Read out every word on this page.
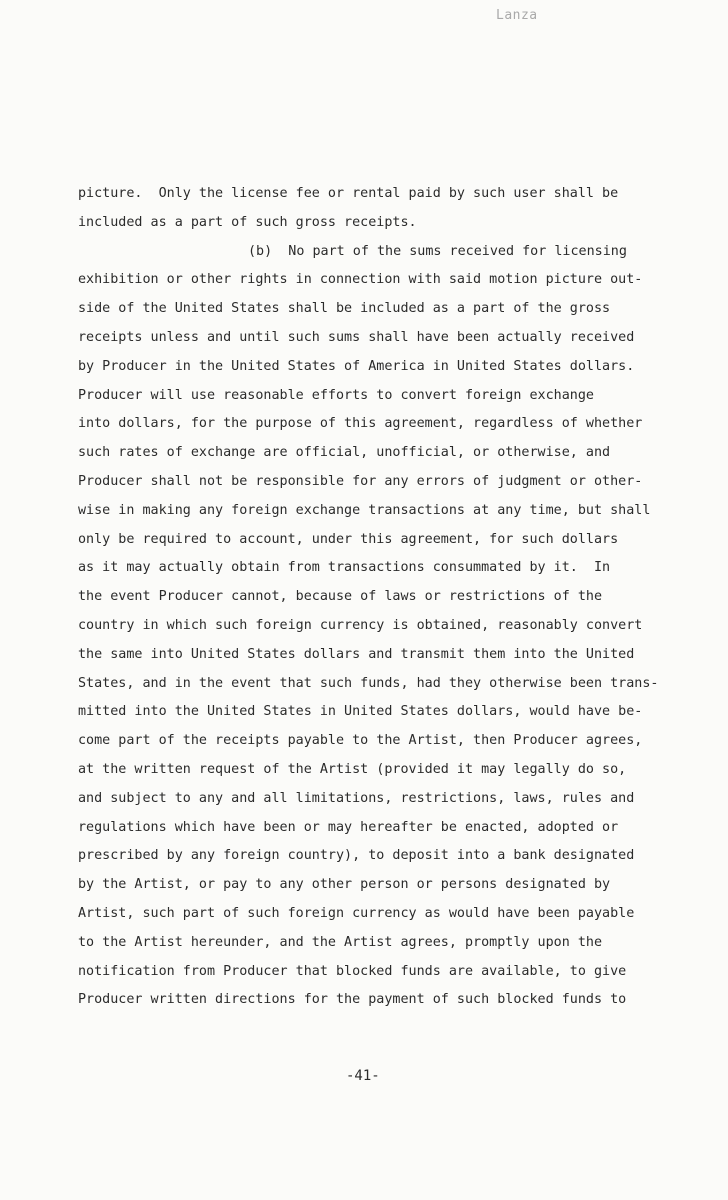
Lanza
picture.  Only the license fee or rental paid by such user shall be
included as a part of such gross receipts.
(b)  No part of the sums received for licensing
exhibition or other rights in connection with said motion picture out-
side of the United States shall be included as a part of the gross
receipts unless and until such sums shall have been actually received
by Producer in the United States of America in United States dollars.
Producer will use reasonable efforts to convert foreign exchange
into dollars, for the purpose of this agreement, regardless of whether
such rates of exchange are official, unofficial, or otherwise, and
Producer shall not be responsible for any errors of judgment or other-
wise in making any foreign exchange transactions at any time, but shall
only be required to account, under this agreement, for such dollars
as it may actually obtain from transactions consummated by it.  In
the event Producer cannot, because of laws or restrictions of the
country in which such foreign currency is obtained, reasonably convert
the same into United States dollars and transmit them into the United
States, and in the event that such funds, had they otherwise been trans-
mitted into the United States in United States dollars, would have be-
come part of the receipts payable to the Artist, then Producer agrees,
at the written request of the Artist (provided it may legally do so,
and subject to any and all limitations, restrictions, laws, rules and
regulations which have been or may hereafter be enacted, adopted or
prescribed by any foreign country), to deposit into a bank designated
by the Artist, or pay to any other person or persons designated by
Artist, such part of such foreign currency as would have been payable
to the Artist hereunder, and the Artist agrees, promptly upon the
notification from Producer that blocked funds are available, to give
Producer written directions for the payment of such blocked funds to
-41-
